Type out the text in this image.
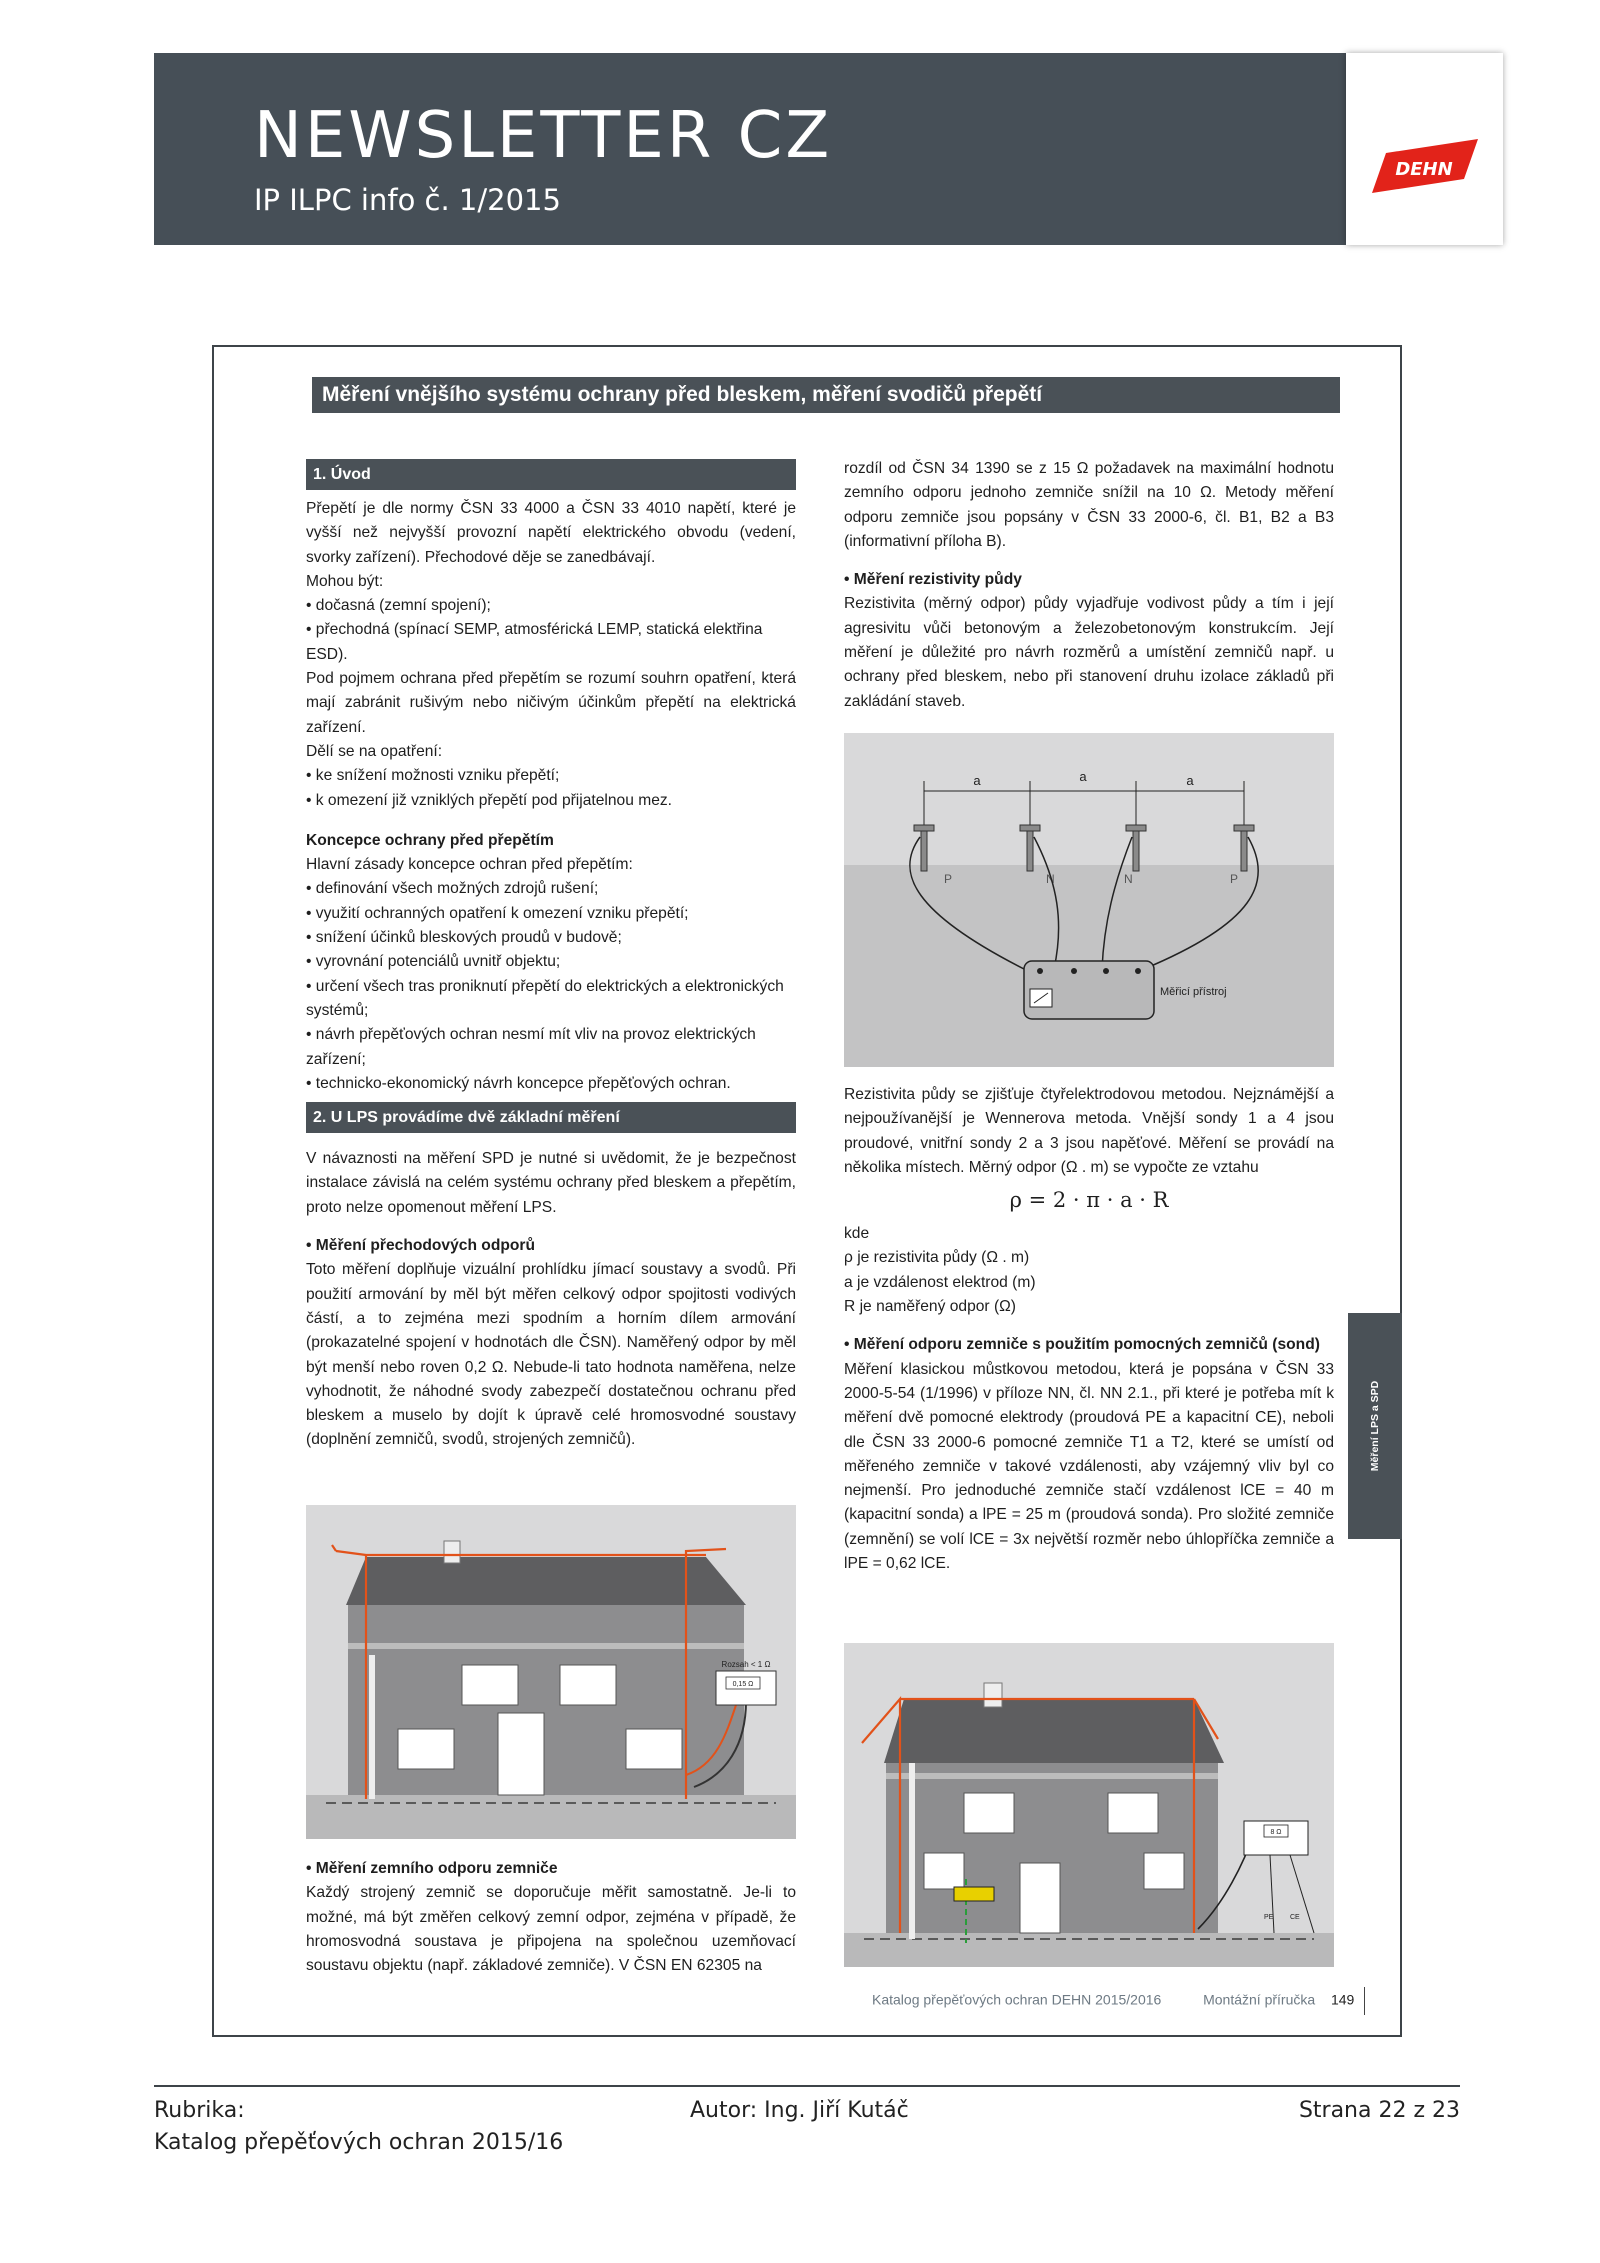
NEWSLETTER CZ
IP ILPC info č. 1/2015
DEHN
Měření vnějšího systému ochrany před bleskem, měření svodičů přepětí
1. Úvod

Přepětí je dle normy ČSN 33 4000 a ČSN 33 4010 napětí, které je vyšší než nejvyšší provozní napětí elektrického obvodu (vedení, svorky zařízení). Přechodové děje se zanedbávají.

Mohou být:

• dočasná (zemní spojení);

• přechodná (spínací SEMP, atmosférická LEMP, statická elektřina ESD).

Pod pojmem ochrana před přepětím se rozumí souhrn opatření, která mají zabránit rušivým nebo ničivým účinkům přepětí na elektrická zařízení.

Dělí se na opatření:

• ke snížení možnosti vzniku přepětí;

• k omezení již vzniklých přepětí pod přijatelnou mez.

Koncepce ochrany před přepětím

Hlavní zásady koncepce ochran před přepětím:

• definování všech možných zdrojů rušení;

• využití ochranných opatření k omezení vzniku přepětí;

• snížení účinků bleskových proudů v budově;

• vyrovnání potenciálů uvnitř objektu;

• určení všech tras proniknutí přepětí do elektrických a elektronických systémů;

• návrh přepěťových ochran nesmí mít vliv na provoz elektrických zařízení;

• technicko-ekonomický návrh koncepce přepěťových ochran.

2. U LPS provádíme dvě základní měření

V návaznosti na měření SPD je nutné si uvědomit, že je bezpečnost instalace závislá na celém systému ochrany před bleskem a přepětím, proto nelze opomenout měření LPS.

• Měření přechodových odporů

Toto měření doplňuje vizuální prohlídku jímací soustavy a svodů. Při použití armování by měl být měřen celkový odpor spojitosti vodivých částí, a to zejména mezi spodním a horním dílem armování (prokazatelné spojení v hodnotách dle ČSN). Naměřený odpor by měl být menší nebo roven 0,2 Ω. Nebude-li tato hodnota naměřena, nelze vyhodnotit, že náhodné svody zabezpečí dostatečnou ochranu před bleskem a muselo by dojít k úpravě celé hromosvodné soustavy (doplnění zemničů, svodů, strojených zemničů).

Rozsah < 1 Ω
0,15 Ω

• Měření zemního odporu zemniče

Každý strojený zemnič se doporučuje měřit samostatně. Je-li to možné, má být změřen celkový zemní odpor, zejména v případě, že hromosvodná soustava je připojena na společnou uzemňovací soustavu objektu (např. základové zemniče). V ČSN EN 62305 na

rozdíl od ČSN 34 1390 se z 15 Ω požadavek na maximální hodnotu zemního odporu jednoho zemniče snížil na 10 Ω. Metody měření odporu zemniče jsou popsány v ČSN 33 2000-6, čl. B1, B2 a B3 (informativní příloha B).

• Měření rezistivity půdy

Rezistivita (měrný odpor) půdy vyjadřuje vodivost půdy a tím i její agresivitu vůči betonovým a železobetonovým konstrukcím. Její měření je důležité pro návrh rozměrů a umístění zemničů např. u ochrany před bleskem, nebo při stanovení druhu izolace základů při zakládání staveb.

a	a	a
P	N	N	P
Měřicí přístroj

Rezistivita půdy se zjišťuje čtyřelektrodovou metodou. Nejznámější a nejpoužívanější je Wennerova metoda. Vnější sondy 1 a 4 jsou proudové, vnitřní sondy 2 a 3 jsou napěťové. Měření se provádí na několika místech. Měrný odpor (Ω . m) se vypočte ze vztahu

ρ = 2 · π · a · R

kde

ρ je rezistivita půdy (Ω . m)

a je vzdálenost elektrod (m)

R je naměřený odpor (Ω)

• Měření odporu zemniče s použitím pomocných zemničů (sond)

Měření klasickou můstkovou metodou, která je popsána v ČSN 33 2000-5-54 (1/1996) v příloze NN, čl. NN 2.1., při které je potřeba mít k měření dvě pomocné elektrody (proudová PE a kapacitní CE), neboli dle ČSN 33 2000-6 pomocné zemniče T1 a T2, které se umístí od měřeného zemniče v takové vzdálenosti, aby vzájemný vliv byl co nejmenší. Pro jednoduché zemniče stačí vzdálenost lCE = 40 m (kapacitní sonda) a lPE = 25 m (proudová sonda). Pro složité zemniče (zemnění) se volí lCE = 3x největší rozměr nebo úhlopříčka zemniče a lPE = 0,62 lCE.

8 Ω
PE CE
Měření LPS a SPD
Katalog přepěťových ochran DEHN 2015/2016	Montážní příručka 149
Rubrika:
Katalog přepěťových ochran 2015/16
Autor: Ing. Jiří Kutáč	Strana 22 z 23
